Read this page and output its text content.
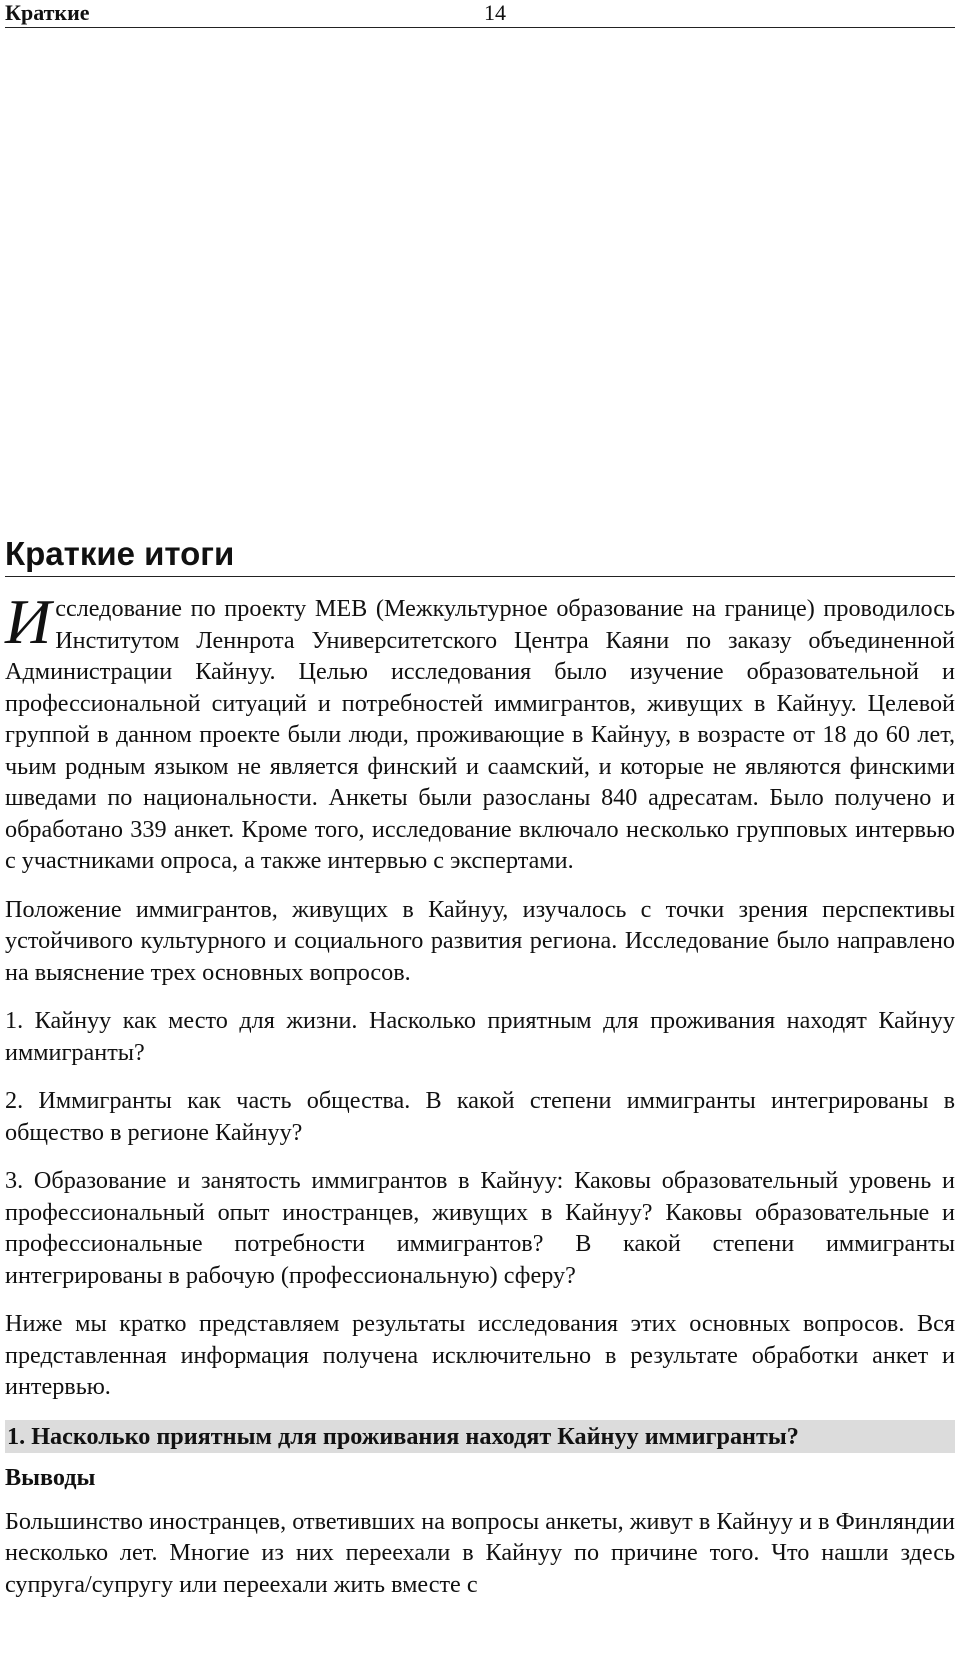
Краткие	14
Краткие итоги

Исследование по проекту MEB (Межкультурное образование на границе) проводилось Институтом Леннрота Университетского Центра Каяни по заказу объединенной Администрации Кайнуу. Целью исследования было изучение образовательной и профессиональной ситуаций и потребностей иммигрантов, живущих в Кайнуу. Целевой группой в данном проекте были люди, проживающие в Кайнуу, в возрасте от 18 до 60 лет, чьим родным языком не является финский и саамский, и которые не являются финскими шведами по национальности. Анкеты были разосланы 840 адресатам. Было получено и обработано 339 анкет. Кроме того, исследование включало несколько групповых интервью с участниками опроса, а также интервью с экспертами.

Положение иммигрантов, живущих в Кайнуу, изучалось с точки зрения перспективы устойчивого культурного и социального развития региона. Исследование было направлено на выяснение трех основных вопросов.

1. Кайнуу как место для жизни. Насколько приятным для проживания находят Кайнуу иммигранты?

2. Иммигранты как часть общества. В какой степени иммигранты интегрированы в общество в регионе Кайнуу?

3. Образование и занятость иммигрантов в Кайнуу: Каковы образовательный уровень и профессиональный опыт иностранцев, живущих в Кайнуу? Каковы образовательные и профессиональные потребности иммигрантов? В какой степени иммигранты интегрированы в рабочую (профессиональную) сферу?

Ниже мы кратко представляем результаты исследования этих основных вопросов. Вся представленная информация получена исключительно в результате обработки анкет и интервью.

1. Насколько приятным для проживания находят Кайнуу иммигранты?
Выводы

Большинство иностранцев, ответивших на вопросы анкеты, живут в Кайнуу и в Финляндии несколько лет. Многие из них переехали в Кайнуу по причине того. Что нашли здесь супруга/супругу или переехали жить вместе с
